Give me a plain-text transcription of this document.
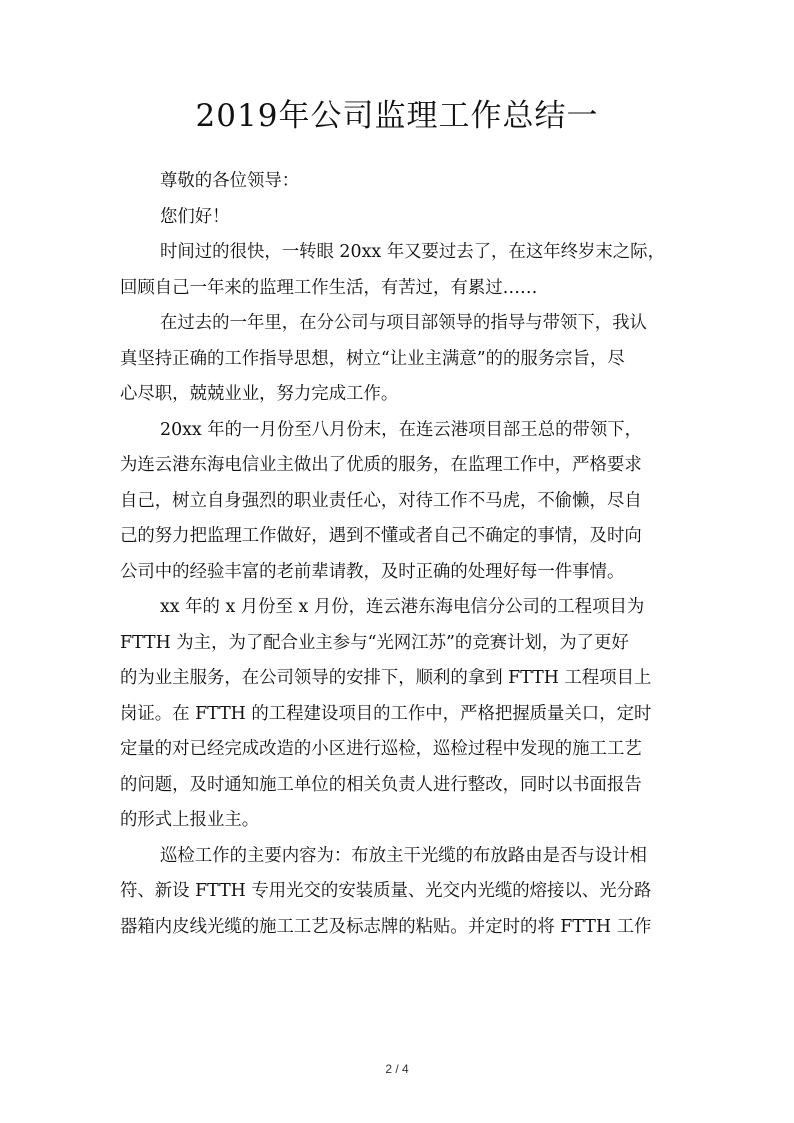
2019年公司监理工作总结一
尊敬的各位领导：
您们好！
时间过的很快，一转眼 20xx 年又要过去了，在这年终岁末之际，
回顾自己一年来的监理工作生活，有苦过，有累过……
在过去的一年里，在分公司与项目部领导的指导与带领下，我认
真坚持正确的工作指导思想，树立“让业主满意”的的服务宗旨，尽
心尽职，兢兢业业，努力完成工作。
20xx 年的一月份至八月份末，在连云港项目部王总的带领下，
为连云港东海电信业主做出了优质的服务，在监理工作中，严格要求
自己，树立自身强烈的职业责任心，对待工作不马虎，不偷懒，尽自
己的努力把监理工作做好，遇到不懂或者自己不确定的事情，及时向
公司中的经验丰富的老前辈请教，及时正确的处理好每一件事情。
xx 年的 x 月份至 x 月份，连云港东海电信分公司的工程项目为
FTTH 为主，为了配合业主参与“光网江苏”的竞赛计划，为了更好
的为业主服务，在公司领导的安排下，顺利的拿到 FTTH 工程项目上
岗证。在 FTTH 的工程建设项目的工作中，严格把握质量关口，定时
定量的对已经完成改造的小区进行巡检，巡检过程中发现的施工工艺
的问题，及时通知施工单位的相关负责人进行整改，同时以书面报告
的形式上报业主。
巡检工作的主要内容为：布放主干光缆的布放路由是否与设计相
符、新设 FTTH 专用光交的安装质量、光交内光缆的熔接以、光分路
器箱内皮线光缆的施工工艺及标志牌的粘贴。并定时的将 FTTH 工作
2 / 4
